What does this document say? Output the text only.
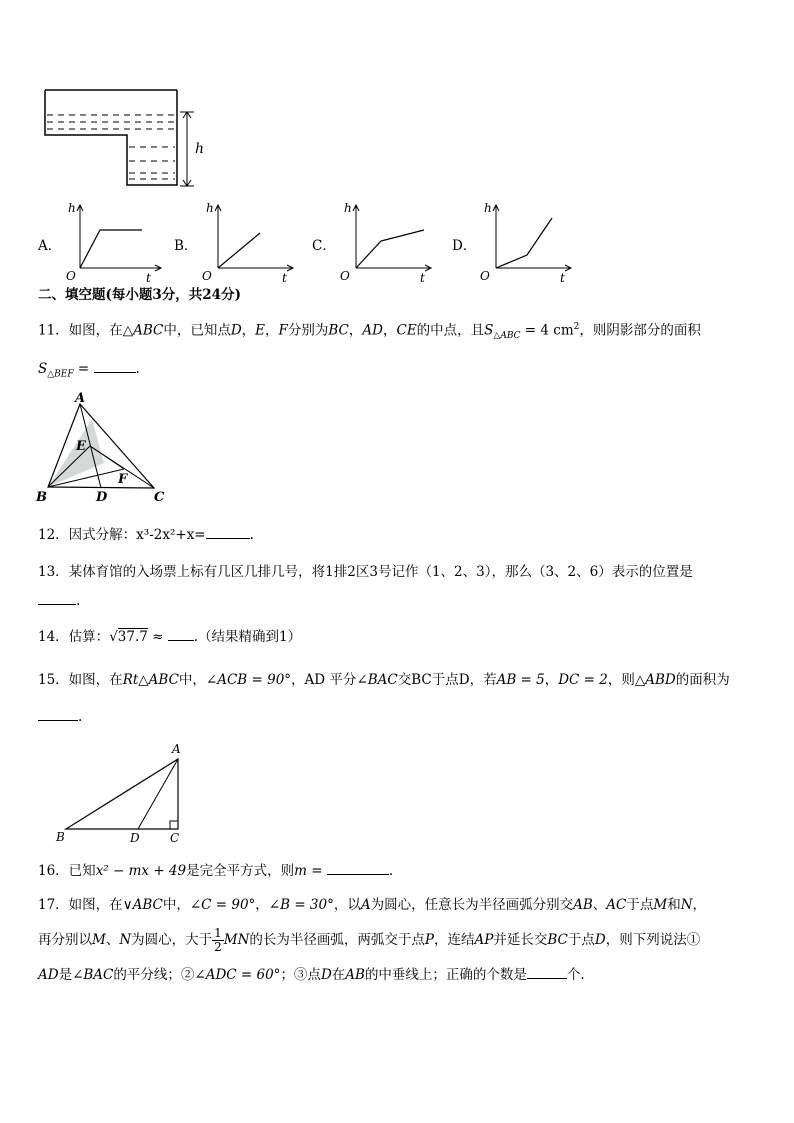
h
A．
h
O	t
B．
h
O	t
C．
h
O	t
D．
h
O	t
二、填空题(每小题3分，共24分)
11．如图，在△ABC中，已知点D，E，F分别为BC，AD，CE的中点，且$S_{\triangle ABC} = 4$ $cm^2$，则阴影部分的面积
$S_{\triangle BEF}$ =	.
A
E
F
B	D	C
12．因式分解：x³-2x²+x=	.
13．某体育馆的入场票上标有几区几排几号，将1排2区3号记作（1、2、3），那么（3、2、6）表示的位置是
.
14．估算：√37.7 ≈ .（结果精确到1）
15．如图，在Rt△ABC中，∠ACB = 90°，AD 平分∠BAC交BC于点D，若AB = 5，DC = 2，则△ABD的面积为
.
A
B	D	C
16．已知x² − mx + 49是完全平方式，则m =	.
17．如图，在∨ABC中，∠C = 90°，∠B = 30°，以A为圆心，任意长为半径画弧分别交AB、AC于点M和N，
再分别以M、N为圆心，大于 $\frac{1}{2}$ MN的长为半径画弧，两弧交于点P，连结AP并延长交BC于点D，则下列说法①
AD是∠BAC的平分线；②∠ADC = 60°；③点D在AB的中垂线上；正确的个数是	个.
